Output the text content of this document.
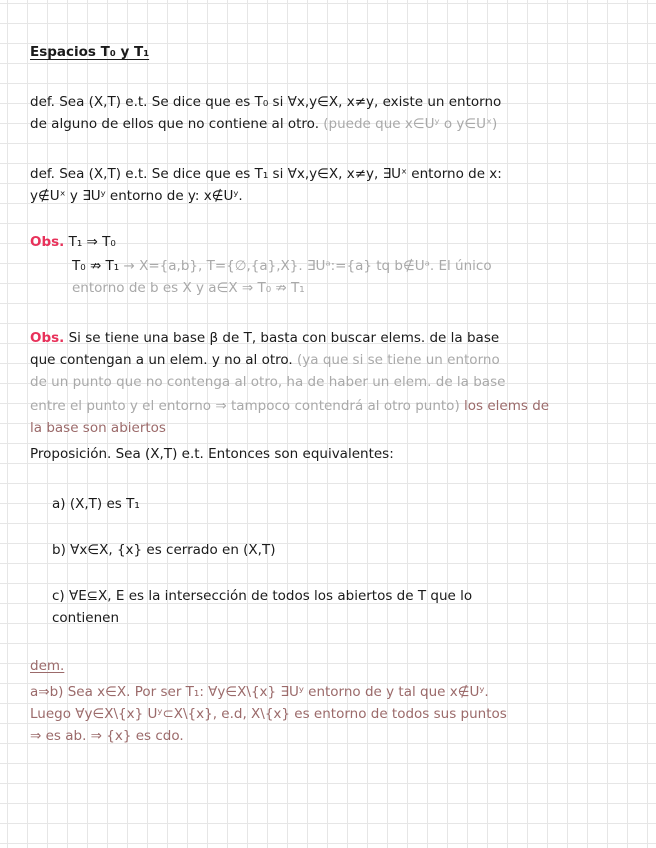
Espacios T₀ y T₁
def. Sea (X,T) e.t. Se dice que es T₀ si ∀x,y∈X, x≠y, existe un entorno
de alguno de ellos que no contiene al otro. (puede que x∈Uʸ o y∈Uˣ)
def. Sea (X,T) e.t. Se dice que es T₁ si ∀x,y∈X, x≠y, ∃Uˣ entorno de x:
y∉Uˣ y ∃Uʸ entorno de y: x∉Uʸ.
Obs. T₁ ⇒ T₀
T₀ ⇏ T₁ → X={a,b}, T={∅,{a},X}. ∃Uᵃ:={a} tq b∉Uᵃ. El único
entorno de b es X y a∈X ⇒ T₀ ⇏ T₁
Obs. Si se tiene una base β de T, basta con buscar elems. de la base
que contengan a un elem. y no al otro. (ya que si se tiene un entorno
de un punto que no contenga al otro, ha de haber un elem. de la base
entre el punto y el entorno ⇒ tampoco contendrá al otro punto) los elems de
la base son abiertos
Proposición. Sea (X,T) e.t. Entonces son equivalentes:
a) (X,T) es T₁
b) ∀x∈X, {x} es cerrado en (X,T)
c) ∀E⊆X, E es la intersección de todos los abiertos de T que lo
contienen
dem.
a⇒b) Sea x∈X. Por ser T₁: ∀y∈X\{x} ∃Uʸ entorno de y tal que x∉Uʸ.
Luego ∀y∈X\{x} Uʸ⊂X\{x}, e.d, X\{x} es entorno de todos sus puntos
⇒ es ab. ⇒ {x} es cdo.
